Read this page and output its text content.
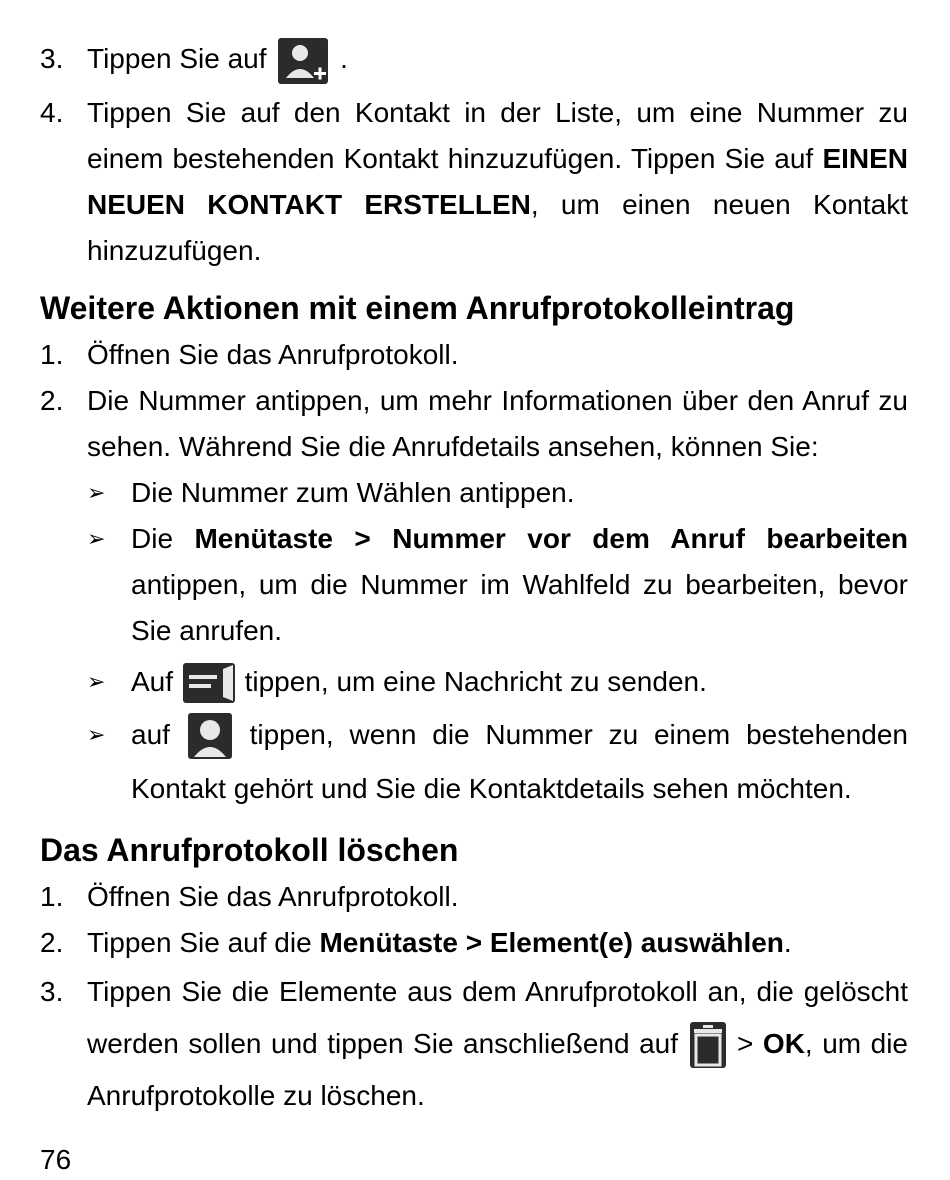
3. Tippen Sie auf	.
4. Tippen Sie auf den Kontakt in der Liste, um eine Nummer zu einem bestehenden Kontakt hinzuzufügen. Tippen Sie auf EINEN NEUEN KONTAKT ERSTELLEN, um einen neuen Kontakt hinzuzufügen.
Weitere Aktionen mit einem Anrufprotokolleintrag
1. Öffnen Sie das Anrufprotokoll.
2. Die Nummer antippen, um mehr Informationen über den Anruf zu sehen. Während Sie die Anrufdetails ansehen, können Sie:
➢ Die Nummer zum Wählen antippen.
➢ Die Menütaste > Nummer vor dem Anruf bearbeiten antippen, um die Nummer im Wahlfeld zu bearbeiten, bevor Sie anrufen.
➢ Auf	tippen, um eine Nachricht zu senden.
➢ auf	tippen, wenn die Nummer zu einem bestehenden Kontakt gehört und Sie die Kontaktdetails sehen möchten.
Das Anrufprotokoll löschen
1. Öffnen Sie das Anrufprotokoll.
2. Tippen Sie auf die Menütaste > Element(e) auswählen.
3. Tippen Sie die Elemente aus dem Anrufprotokoll an, die gelöscht werden sollen und tippen Sie anschließend auf > OK, um die Anrufprotokolle zu löschen.
76
